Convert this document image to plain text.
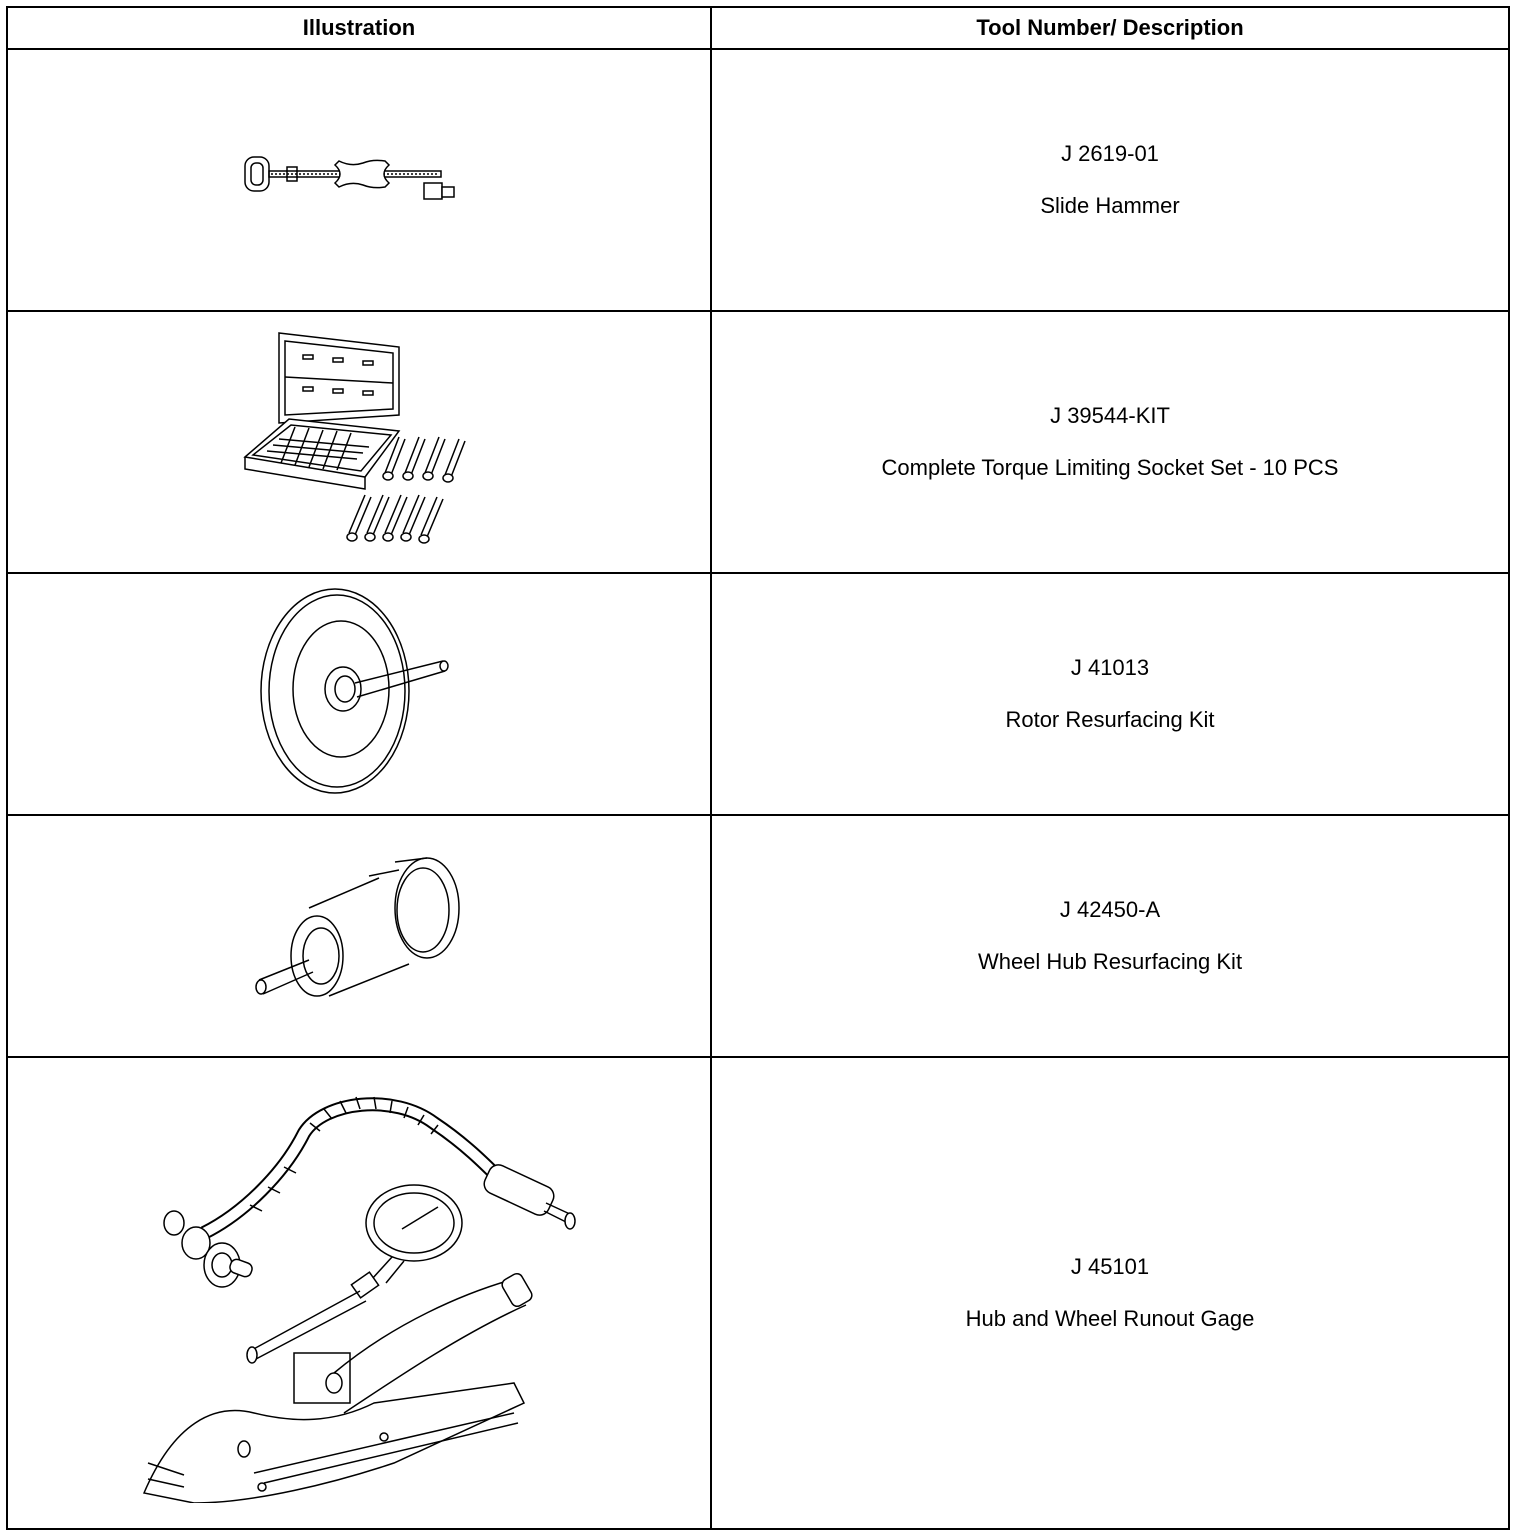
Illustration	Tool Number/ Description

J 2619-01
Slide Hammer

J 39544-KIT
Complete Torque Limiting Socket Set - 10 PCS

J 41013
Rotor Resurfacing Kit

J 42450-A
Wheel Hub Resurfacing Kit

J 45101
Hub and Wheel Runout Gage
